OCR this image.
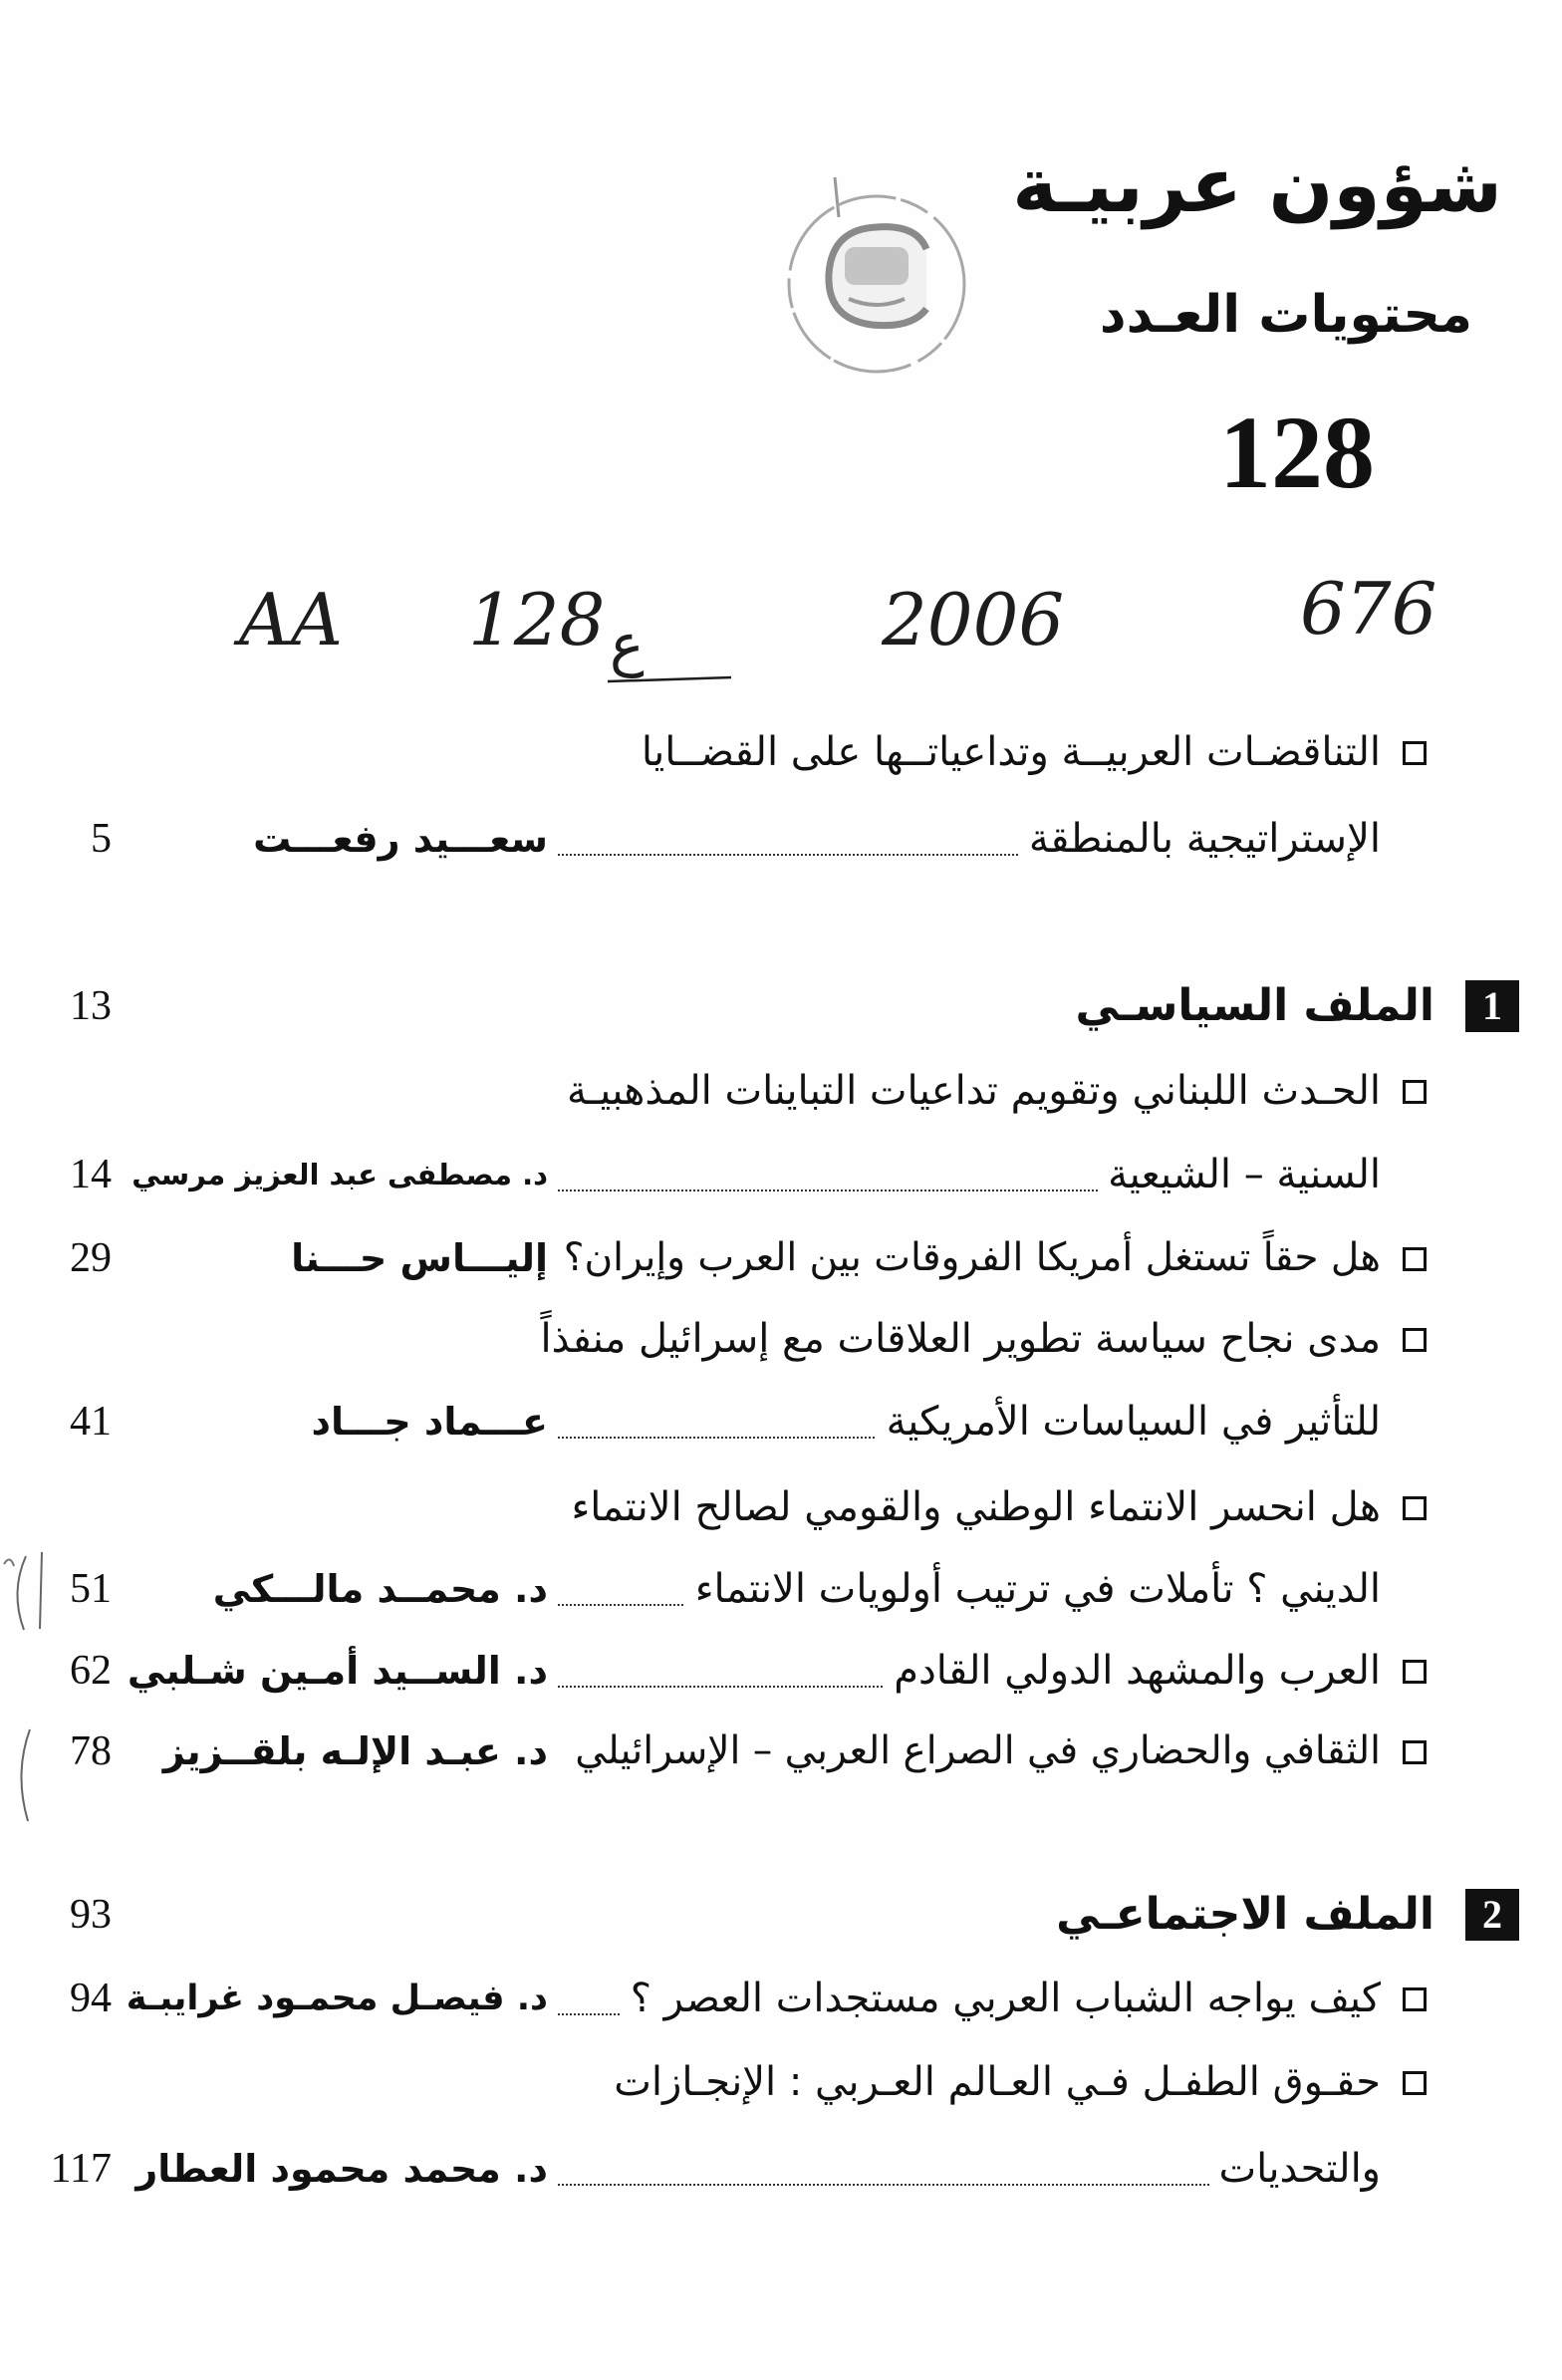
شؤون عربيـة
محتويات العـدد
128
AA 128 ع	2006	676
التناقضـات العربيــة وتداعياتــها على القضــايا
الإستراتيجية بالمنطقة
سعـــيد رفعـــت
5
1
الملف السياسـي
13
الحـدث اللبناني وتقويم تداعيات التباينات المذهبيـة
السنية – الشيعية
د. مصطفى عبد العزيز مرسي
14
هل حقاً تستغل أمريكا الفروقات بين العرب وإيران؟
إليـــاس حـــنا
29
مدى نجاح سياسة تطوير العلاقات مع إسرائيل منفذاً
للتأثير في السياسات الأمريكية
عـــماد جـــاد
41
هل انحسر الانتماء الوطني والقومي لصالح الانتماء
الديني ؟ تأملات في ترتيب أولويات الانتماء
د. محمــد مالـــكي
51
العرب والمشهد الدولي القادم
د. الســيد أمـين شـلبي
62
الثقافي والحضاري في الصراع العربي – الإسرائيلي
د. عبـد الإلـه بلقــزيز
78
2
الملف الاجتماعـي
93
كيف يواجه الشباب العربي مستجدات العصر ؟
د. فيصـل محمـود غرايبـة
94
حقـوق الطفـل فـي العـالم العـربي : الإنجـازات
والتحديات
د. محمد محمود العطار
117
